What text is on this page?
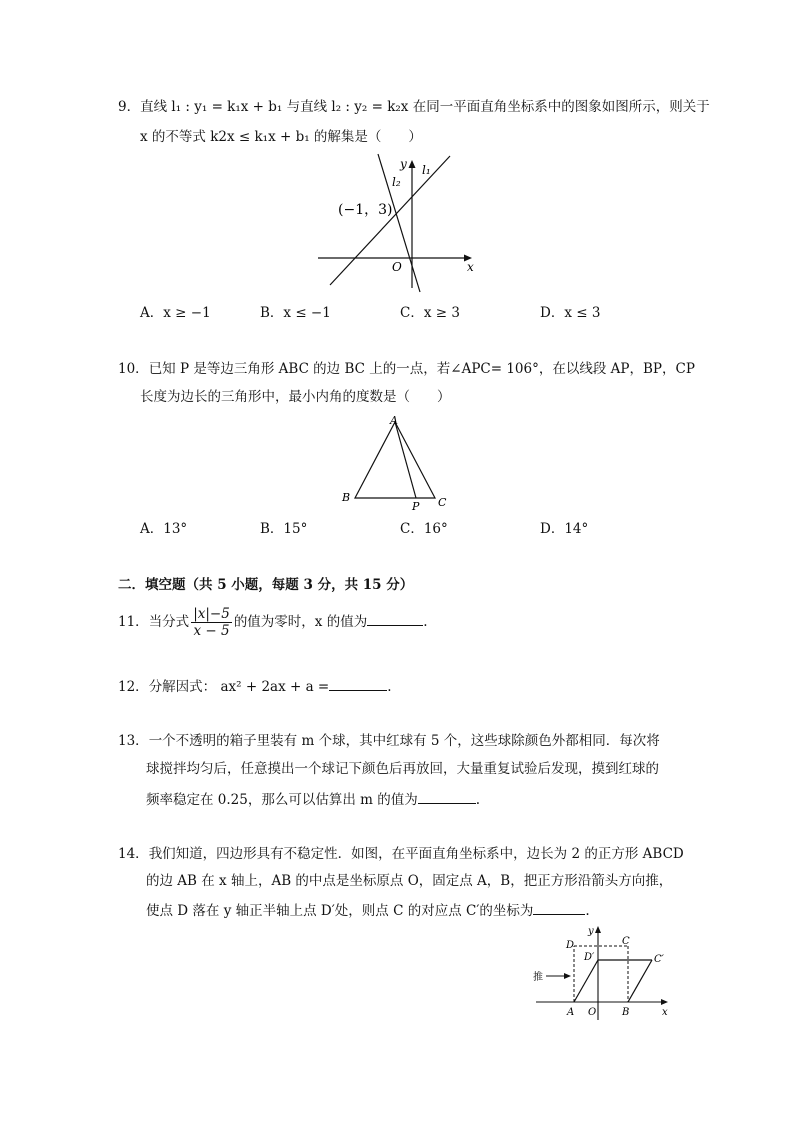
9．直线 l₁ : y₁ = k₁x + b₁ 与直线 l₂ : y₂ = k₂x 在同一平面直角坐标系中的图象如图所示，则关于
x 的不等式 k2x ≤ k₁x + b₁ 的解集是（　　）
y
x
O
l₁
l₂
(−1，3)
A．x ≥ −1	B．x ≤ −1	C．x ≥ 3	D．x ≤ 3
10．已知 P 是等边三角形 ABC 的边 BC 上的一点，若∠APC= 106°，在以线段 AP，BP，CP
长度为边长的三角形中，最小内角的度数是（　　）
A
B	C
P
A．13°	B．15°	C．16°	D．14°
二．填空题（共 5 小题，每题 3 分，共 15 分）
11．当分式 $\frac{|x|-5}{x - 5}$ 的值为零时，x 的值为	.
12．分解因式： ax² + 2ax + a =	.
13．一个不透明的箱子里装有 m 个球，其中红球有 5 个，这些球除颜色外都相同．每次将
球搅拌均匀后，任意摸出一个球记下颜色后再放回，大量重复试验后发现，摸到红球的
频率稳定在 0.25，那么可以估算出 m 的值为	.
14．我们知道，四边形具有不稳定性．如图，在平面直角坐标系中，边长为 2 的正方形 ABCD
的边 AB 在 x 轴上，AB 的中点是坐标原点 O，固定点 A，B，把正方形沿箭头方向推，
使点 D 落在 y 轴正半轴上点 D′处，则点 C 的对应点 C′的坐标为	.
推
D	C
D′	C′
A O	B	x
y
